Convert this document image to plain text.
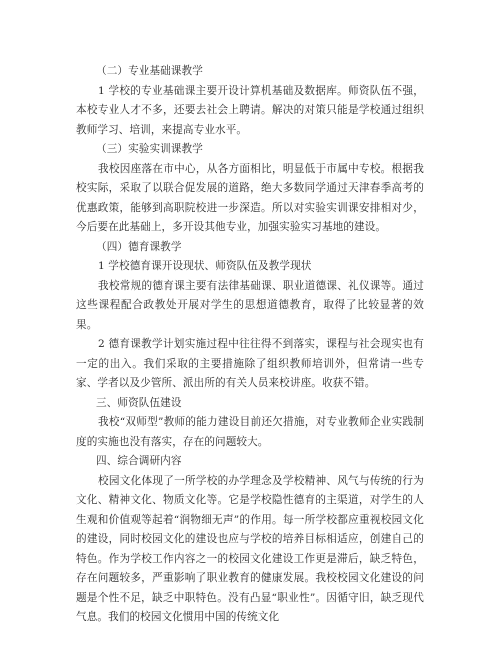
（二）专业基础课教学
1 学校的专业基础课主要开设计算机基础及数据库。师资队伍不强，本校专业人才不多，还要去社会上聘请。解决的对策只能是学校通过组织教师学习、培训，来提高专业水平。
（三）实验实训课教学
我校因座落在市中心，从各方面相比，明显低于市属中专校。根据我校实际，采取了以联合促发展的道路，绝大多数同学通过天津春季高考的优惠政策，能够到高职院校进一步深造。所以对实验实训课安排相对少，今后要在此基础上，多开设其他专业，加强实验实习基地的建设。
（四）德育课教学
1 学校德育课开设现状、师资队伍及教学现状
我校常规的德育课主要有法律基础课、职业道德课、礼仪课等。通过这些课程配合政教处开展对学生的思想道德教育，取得了比较显著的效果。
2 德育课教学计划实施过程中往往得不到落实，课程与社会现实也有一定的出入。我们采取的主要措施除了组织教师培训外，但常请一些专家、学者以及少管所、派出所的有关人员来校讲座。收获不错。
三、师资队伍建设
我校“双师型”教师的能力建设目前还欠措施，对专业教师企业实践制度的实施也没有落实，存在的问题较大。
四、综合调研内容
校园文化体现了一所学校的办学理念及学校精神、风气与传统的行为文化、精神文化、物质文化等。它是学校隐性德育的主渠道，对学生的人生观和价值观等起着“润物细无声”的作用。每一所学校都应重视校园文化的建设，同时校园文化的建设也应与学校的培养目标相适应，创建自己的特色。作为学校工作内容之一的校园文化建设工作更是滞后，缺乏特色，存在问题较多，严重影响了职业教育的健康发展。我校校园文化建设的问题是个性不足，缺乏中职特色。没有凸显“职业性”。因循守旧，缺乏现代气息。我们的校园文化惯用中国的传统文化
